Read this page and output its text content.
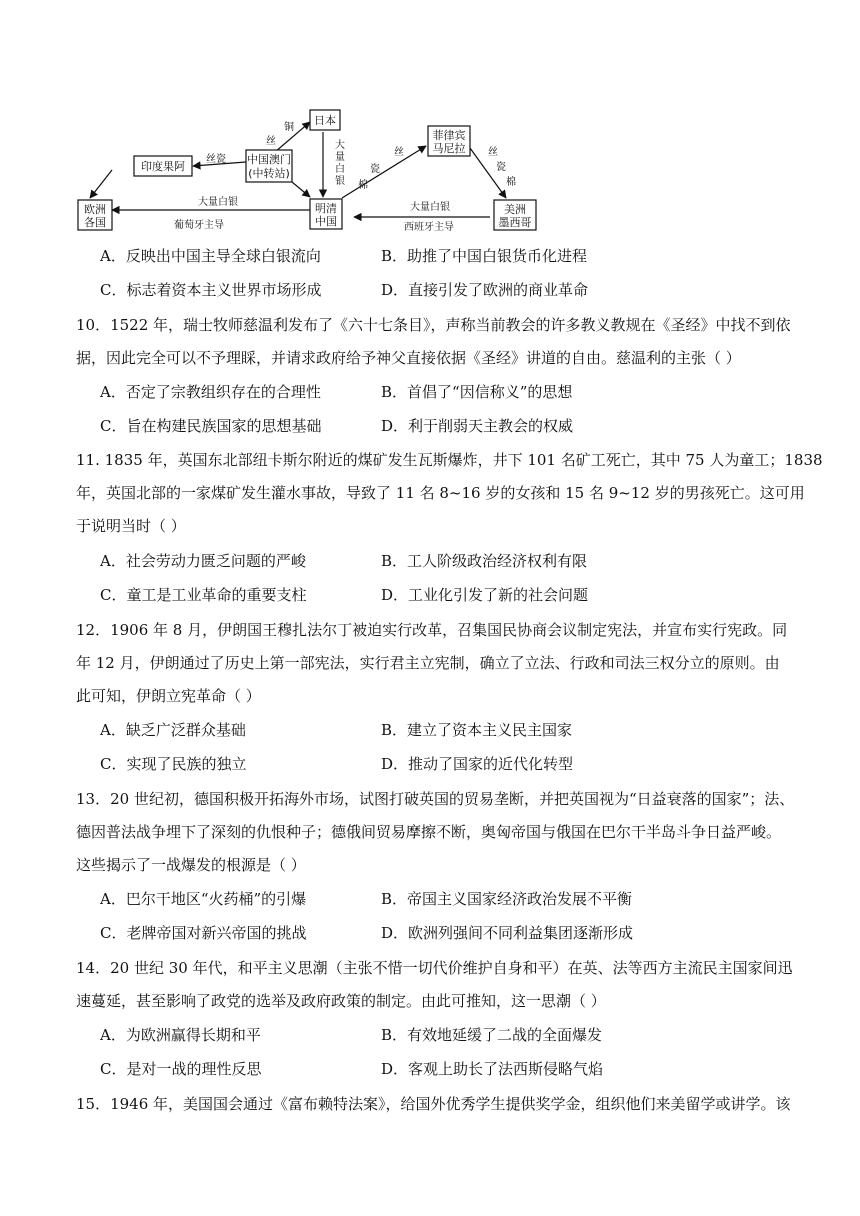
欧洲
各国
印度果阿
中国澳门
(中转站)
日本
明清
中国
菲律宾
马尼拉
美洲
墨西哥
丝瓷
丝
铜
大
量
白
银
大量白银
葡萄牙主导
瓷
丝
棉
丝
瓷
棉
大量白银
西班牙主导
A．反映出中国主导全球白银流向	B．助推了中国白银货币化进程
C．标志着资本主义世界市场形成	D．直接引发了欧洲的商业革命
10．1522 年，瑞士牧师慈温利发布了《六十七条目》，声称当前教会的许多教义教规在《圣经》中找不到依
据，因此完全可以不予理睬，并请求政府给予神父直接依据《圣经》讲道的自由。慈温利的主张（ ）
A．否定了宗教组织存在的合理性	B．首倡了“因信称义”的思想
C．旨在构建民族国家的思想基础	D．利于削弱天主教会的权威
11. 1835 年，英国东北部纽卡斯尔附近的煤矿发生瓦斯爆炸，井下 101 名矿工死亡，其中 75 人为童工；1838
年，英国北部的一家煤矿发生灌水事故，导致了 11 名 8~16 岁的女孩和 15 名 9~12 岁的男孩死亡。这可用
于说明当时（ ）
A．社会劳动力匮乏问题的严峻	B．工人阶级政治经济权利有限
C．童工是工业革命的重要支柱	D．工业化引发了新的社会问题
12．1906 年 8 月，伊朗国王穆扎法尔丁被迫实行改革，召集国民协商会议制定宪法，并宣布实行宪政。同
年 12 月，伊朗通过了历史上第一部宪法，实行君主立宪制，确立了立法、行政和司法三权分立的原则。由
此可知，伊朗立宪革命（ ）
A．缺乏广泛群众基础	B．建立了资本主义民主国家
C．实现了民族的独立	D．推动了国家的近代化转型
13．20 世纪初，德国积极开拓海外市场，试图打破英国的贸易垄断，并把英国视为“日益衰落的国家”；法、
德因普法战争埋下了深刻的仇恨种子；德俄间贸易摩擦不断，奥匈帝国与俄国在巴尔干半岛斗争日益严峻。
这些揭示了一战爆发的根源是（ ）
A．巴尔干地区“火药桶”的引爆	B．帝国主义国家经济政治发展不平衡
C．老牌帝国对新兴帝国的挑战	D．欧洲列强间不同利益集团逐渐形成
14．20 世纪 30 年代，和平主义思潮（主张不惜一切代价维护自身和平）在英、法等西方主流民主国家间迅
速蔓延，甚至影响了政党的选举及政府政策的制定。由此可推知，这一思潮（ ）
A．为欧洲赢得长期和平	B．有效地延缓了二战的全面爆发
C．是对一战的理性反思	D．客观上助长了法西斯侵略气焰
15．1946 年，美国国会通过《富布赖特法案》，给国外优秀学生提供奖学金，组织他们来美留学或讲学。该
